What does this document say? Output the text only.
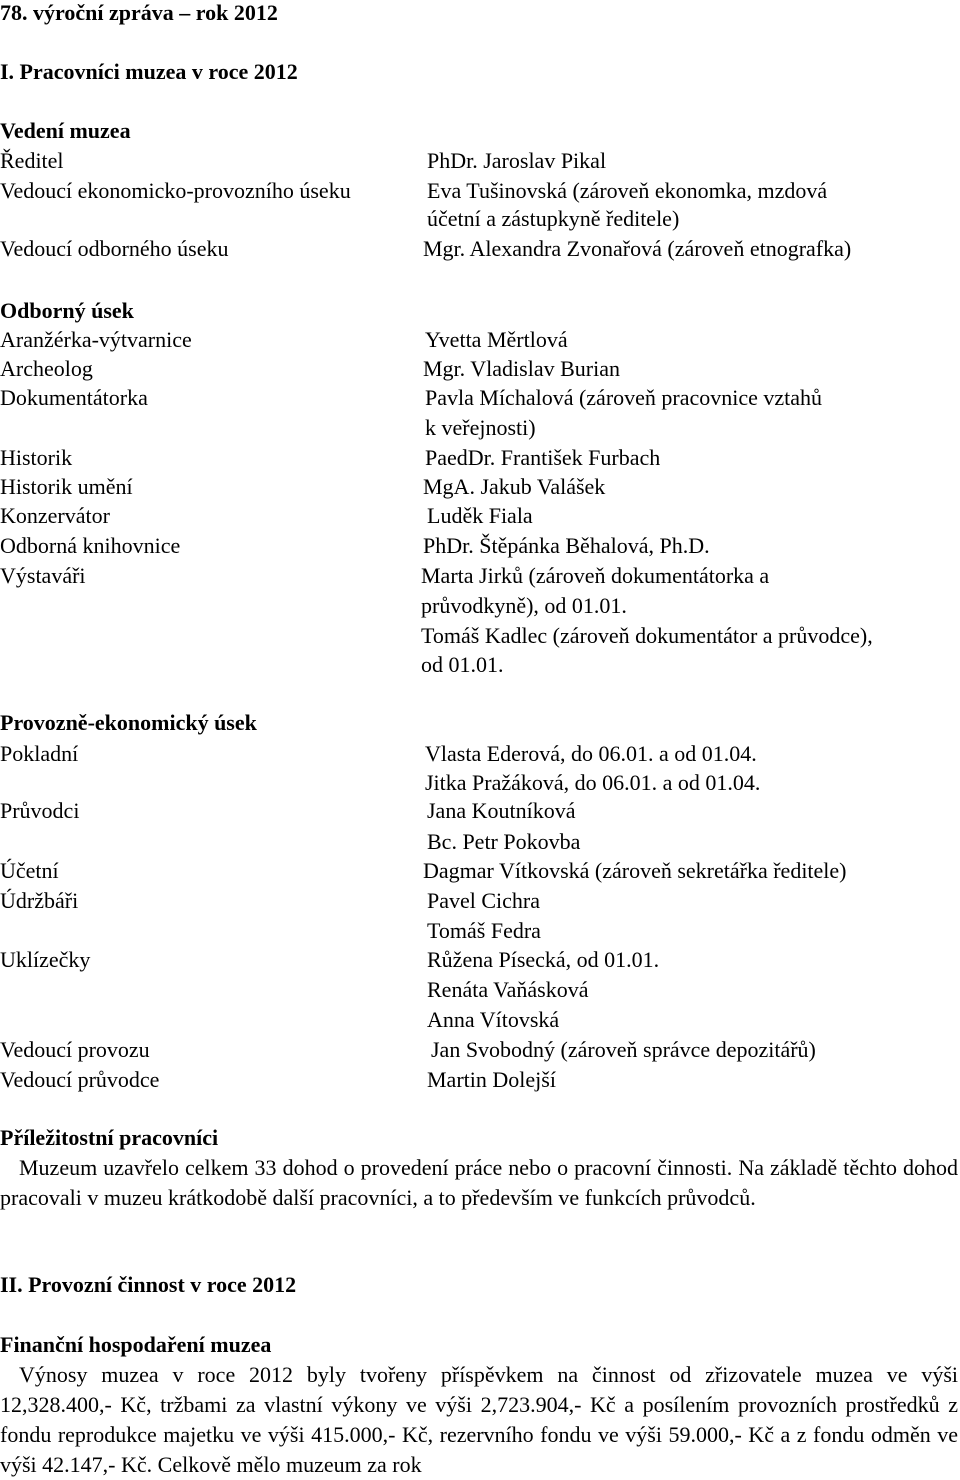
78. výroční zpráva – rok 2012
I. Pracovníci muzea v roce 2012
Vedení muzea
Ředitel	PhDr. Jaroslav Pikal
Vedoucí ekonomicko-provozního úseku	Eva Tušinovská (zároveň ekonomka, mzdová
účetní a zástupkyně ředitele)
Vedoucí odborného úseku	Mgr. Alexandra Zvonařová (zároveň etnografka)
Odborný úsek
Aranžérka-výtvarnice	Yvetta Měrtlová
Archeolog	Mgr. Vladislav Burian
Dokumentátorka	Pavla Míchalová (zároveň pracovnice vztahů
k veřejnosti)
Historik	PaedDr. František Furbach
Historik umění	MgA. Jakub Valášek
Konzervátor	Luděk Fiala
Odborná knihovnice	PhDr. Štěpánka Běhalová, Ph.D.
Výstaváři	Marta Jirků (zároveň dokumentátorka a
průvodkyně), od 01.01.
Tomáš Kadlec (zároveň dokumentátor a průvodce),
od 01.01.
Provozně-ekonomický úsek
Pokladní	Vlasta Ederová, do 06.01. a od 01.04.
Jitka Pražáková, do 06.01. a od 01.04.
Průvodci	Jana Koutníková
Bc. Petr Pokovba
Účetní	Dagmar Vítkovská (zároveň sekretářka ředitele)
Údržbáři	Pavel Cichra
Tomáš Fedra
Uklízečky	Růžena Písecká, od 01.01.
Renáta Vaňásková
Anna Vítovská
Vedoucí provozu	Jan Svobodný (zároveň správce depozitářů)
Vedoucí průvodce	Martin Dolejší
Příležitostní pracovníci
Muzeum uzavřelo celkem 33 dohod o provedení práce nebo o pracovní činnosti. Na základě těchto dohod pracovali v muzeu krátkodobě další pracovníci, a to především ve funkcích průvodců.
II. Provozní činnost v roce 2012
Finanční hospodaření muzea
Výnosy muzea v roce 2012 byly tvořeny příspěvkem na činnost od zřizovatele muzea ve výši 12,328.400,- Kč, tržbami za vlastní výkony ve výši 2,723.904,- Kč a posílením provozních prostředků z fondu reprodukce majetku ve výši 415.000,- Kč, rezervního fondu ve výši 59.000,- Kč a z fondu odměn ve výši 42.147,- Kč. Celkově mělo muzeum za rok
